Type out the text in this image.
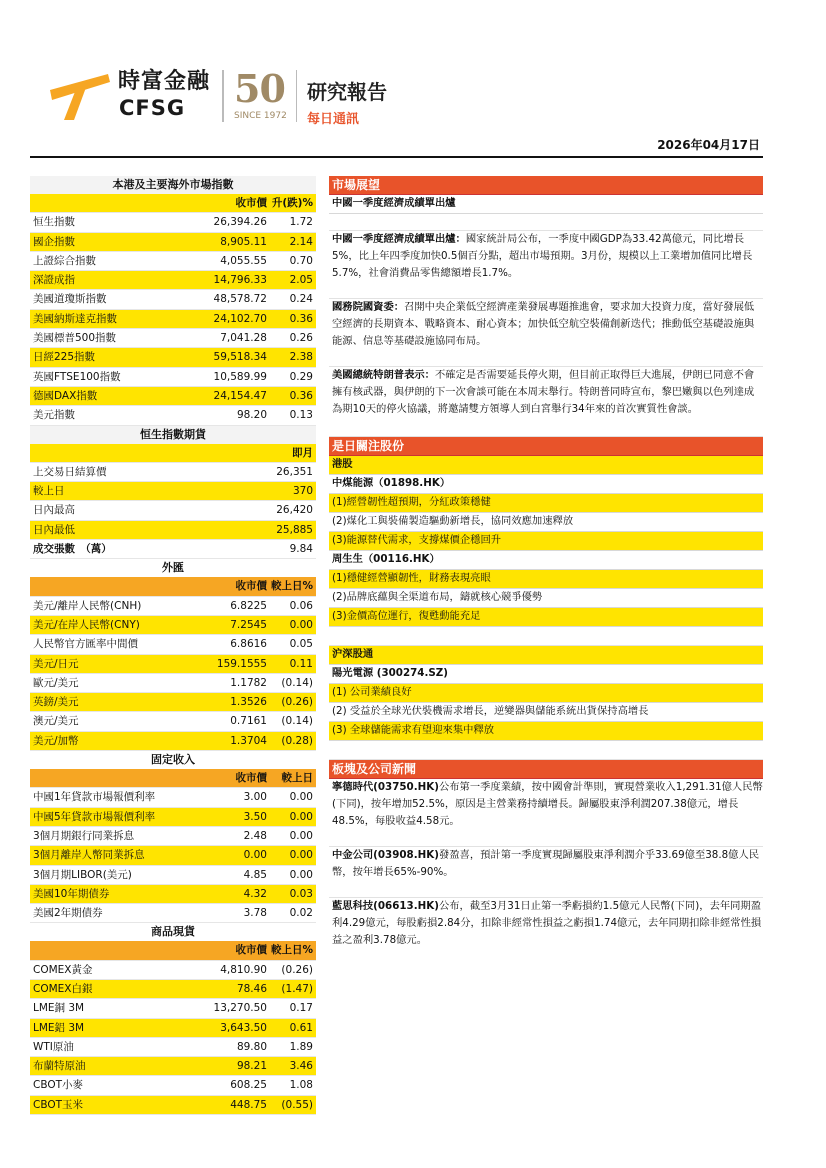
時富金融
CFSG 50
SINCE 1972
研究報告
每日通訊
2026年04月17日
本港及主要海外市場指數
收市價 升(跌)%
恒生指數	26,394.26	1.72
國企指數	8,905.11	2.14
上證綜合指數	4,055.55	0.70
深證成指	14,796.33	2.05
美國道瓊斯指數	48,578.72	0.24
美國納斯達克指數	24,102.70	0.36
美國標普500指數	7,041.28	0.26
日經225指數	59,518.34	2.38
英國FTSE100指數	10,589.99	0.29
德國DAX指數	24,154.47	0.36
美元指數	98.20	0.13
恒生指數期貨
即月
上交易日結算價	26,351
較上日	370
日內最高	26,420
日內最低	25,885
成交張數　（萬）	9.84
外匯
收市價 較上日%
美元/離岸人民幣(CNH)	6.8225	0.06
美元/在岸人民幣(CNY)	7.2545	0.00
人民幣官方匯率中間價	6.8616	0.05
美元/日元	159.1555	0.11
歐元/美元	1.1782	(0.14)
英鎊/美元	1.3526	(0.26)
澳元/美元	0.7161	(0.14)
美元/加幣	1.3704	(0.28)
固定收入
收市價	較上日
中國1年貸款市場報價利率	3.00	0.00
中國5年貸款市場報價利率	3.50	0.00
3個月期銀行同業拆息	2.48	0.00
3個月離岸人幣同業拆息	0.00	0.00
3個月期LIBOR(美元)	4.85	0.00
美國10年期債券	4.32	0.03
美國2年期債券	3.78	0.02
商品現貨
收市價 較上日%
COMEX黃金	4,810.90	(0.26)
COMEX白銀	78.46	(1.47)
LME銅 3M	13,270.50	0.17
LME鋁 3M	3,643.50	0.61
WTI原油	89.80	1.89
布蘭特原油	98.21	3.46
CBOT小麥	608.25	1.08
CBOT玉米	448.75	(0.55)
市場展望
中國一季度經濟成績單出爐
中國一季度經濟成績單出爐：國家統計局公布，一季度中國GDP為33.42萬億元，同比增長5%，比上年四季度加快0.5個百分點，超出市場預期。3月份，規模以上工業增加值同比增長5.7%，社會消費品零售總額增長1.7%。
國務院國資委：召開中央企業低空經濟產業發展專題推進會，要求加大投資力度，當好發展低空經濟的長期資本、戰略資本、耐心資本；加快低空航空裝備創新迭代；推動低空基礎設施與能源、信息等基礎設施協同布局。
美國總統特朗普表示：不確定是否需要延長停火期，但目前正取得巨大進展，伊朗已同意不會擁有核武器，與伊朗的下一次會談可能在本周末舉行。特朗普同時宣布，黎巴嫩與以色列達成為期10天的停火協議，將邀請雙方領導人到白宮舉行34年來的首次實質性會談。
是日關注股份
港股
中煤能源（01898.HK）
(1)經營韌性超預期，分紅政策穩健
(2)煤化工與裝備製造驅動新增長，協同效應加速釋放
(3)能源替代需求，支撐煤價企穩回升
周生生（00116.HK）
(1)穩健經營顯韌性，財務表現亮眼
(2)品牌底蘊與全渠道布局，鑄就核心競爭優勢
(3)金價高位運行，復甦動能充足
沪深股通
陽光電源 (300274.SZ)
(1) 公司業績良好
(2) 受益於全球光伏裝機需求增長，逆變器與儲能系統出貨保持高增長
(3) 全球儲能需求有望迎來集中釋放
板塊及公司新聞
寧德時代(03750.HK)公布第一季度業績，按中國會計準則，實現營業收入1,291.31億人民幣(下同)，按年增加52.5%，原因是主營業務持續增長。歸屬股東淨利潤207.38億元，增長48.5%，每股收益4.58元。
中金公司(03908.HK)發盈喜，預計第一季度實現歸屬股東淨利潤介乎33.69億至38.8億人民幣，按年增長65%-90%。
藍思科技(06613.HK)公布，截至3月31日止第一季虧損約1.5億元人民幣(下同)，去年同期盈利4.29億元，每股虧損2.84分，扣除非經常性損益之虧損1.74億元，去年同期扣除非經常性損益之盈利3.78億元。
